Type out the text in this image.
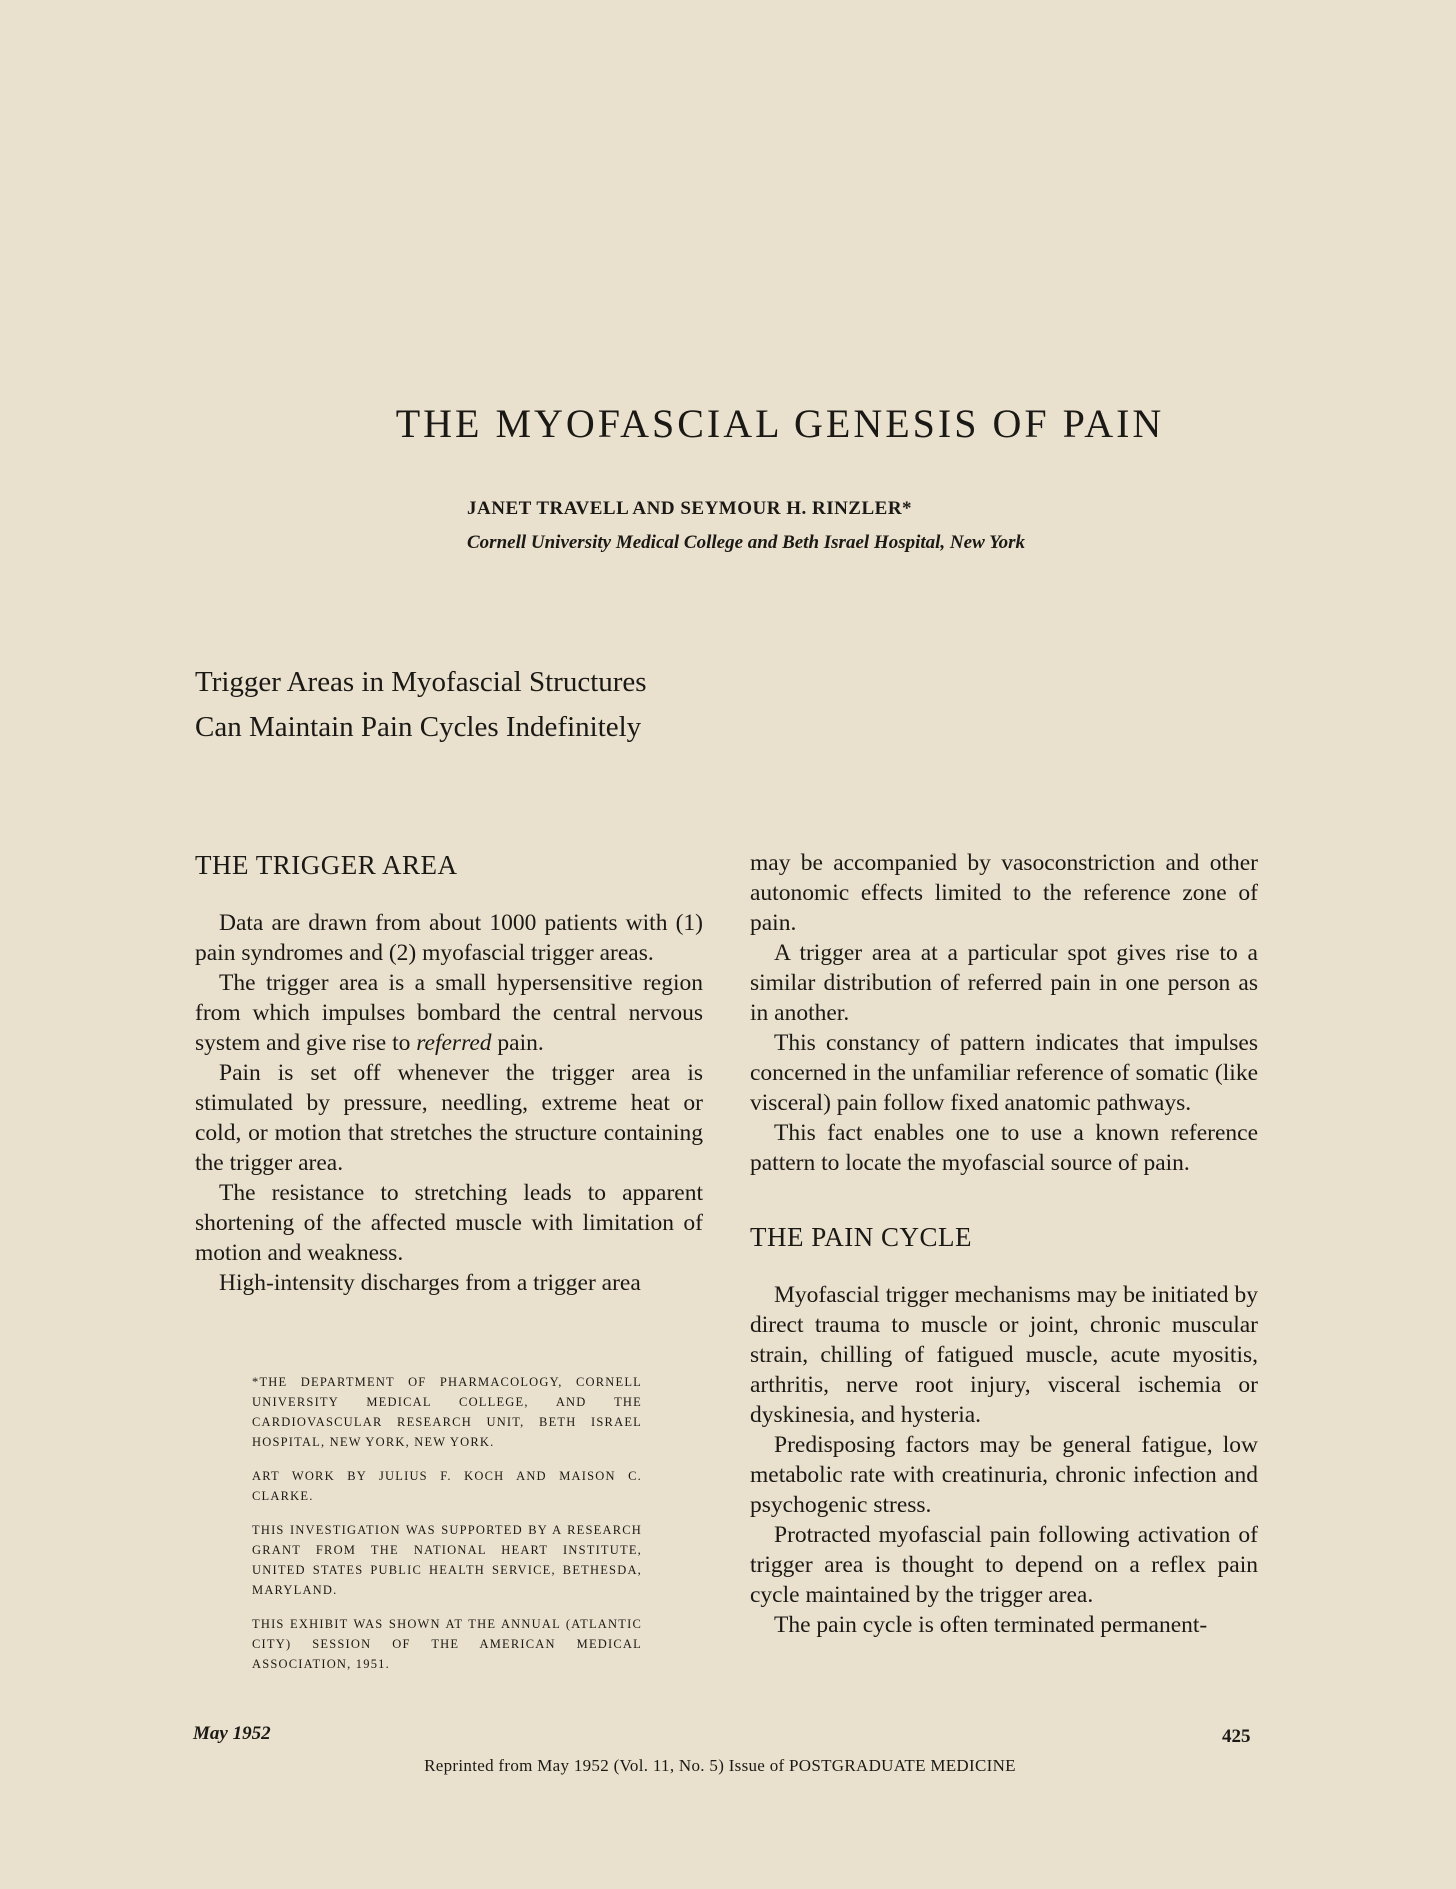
THE MYOFASCIAL GENESIS OF PAIN
JANET TRAVELL AND SEYMOUR H. RINZLER*
Cornell University Medical College and Beth Israel Hospital, New York
Trigger Areas in Myofascial Structures
Can Maintain Pain Cycles Indefinitely
THE TRIGGER AREA

Data are drawn from about 1000 patients with (1) pain syndromes and (2) myofascial trigger areas.

The trigger area is a small hypersensitive region from which impulses bombard the central nervous system and give rise to referred pain.

Pain is set off whenever the trigger area is stimulated by pressure, needling, extreme heat or cold, or motion that stretches the structure containing the trigger area.

The resistance to stretching leads to apparent shortening of the affected muscle with limitation of motion and weakness.

High-intensity discharges from a trigger area

*THE DEPARTMENT OF PHARMACOLOGY, CORNELL UNIVERSITY MEDICAL COLLEGE, AND THE CARDIOVASCULAR RESEARCH UNIT, BETH ISRAEL HOSPITAL, NEW YORK, NEW YORK.

ART WORK BY JULIUS F. KOCH AND MAISON C. CLARKE.

THIS INVESTIGATION WAS SUPPORTED BY A RESEARCH GRANT FROM THE NATIONAL HEART INSTITUTE, UNITED STATES PUBLIC HEALTH SERVICE, BETHESDA, MARYLAND.

THIS EXHIBIT WAS SHOWN AT THE ANNUAL (ATLANTIC CITY) SESSION OF THE AMERICAN MEDICAL ASSOCIATION, 1951.

may be accompanied by vasoconstriction and other autonomic effects limited to the reference zone of pain.

A trigger area at a particular spot gives rise to a similar distribution of referred pain in one person as in another.

This constancy of pattern indicates that impulses concerned in the unfamiliar reference of somatic (like visceral) pain follow fixed anatomic pathways.

This fact enables one to use a known reference pattern to locate the myofascial source of pain.

THE PAIN CYCLE

Myofascial trigger mechanisms may be initiated by direct trauma to muscle or joint, chronic muscular strain, chilling of fatigued muscle, acute myositis, arthritis, nerve root injury, visceral ischemia or dyskinesia, and hysteria.

Predisposing factors may be general fatigue, low metabolic rate with creatinuria, chronic infection and psychogenic stress.

Protracted myofascial pain following activation of trigger area is thought to depend on a reflex pain cycle maintained by the trigger area.

The pain cycle is often terminated permanent-

May 1952	425
Reprinted from May 1952 (Vol. 11, No. 5) Issue of POSTGRADUATE MEDICINE
